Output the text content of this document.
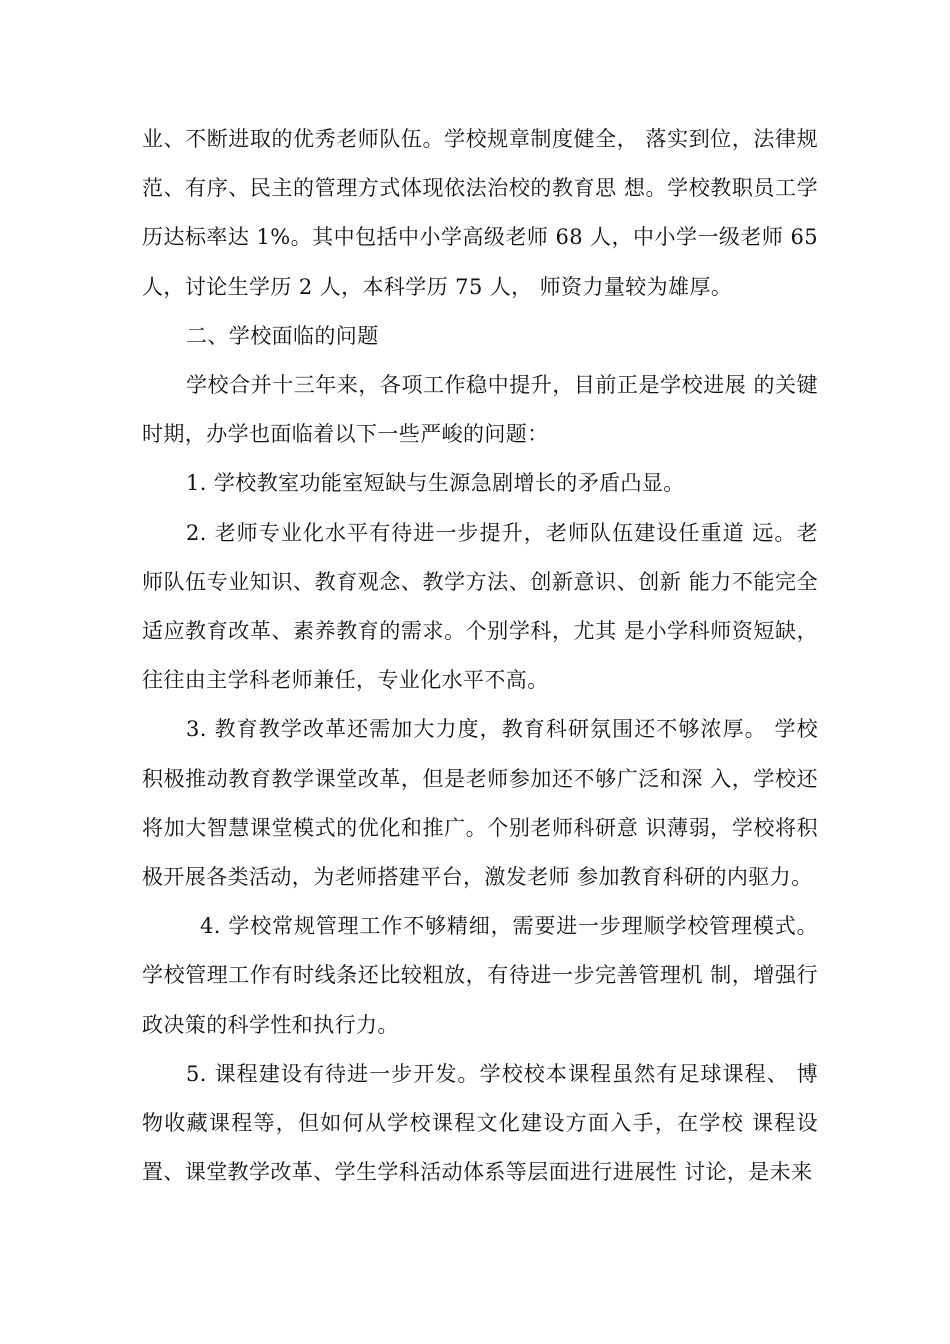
业、不断进取的优秀老师队伍。学校规章制度健全， 落实到位，法律规范、有序、民主的管理方式体现依法治校的教育思 想。学校教职员工学历达标率达 1%。其中包括中小学高级老师 68 人，中小学一级老师 65 人，讨论生学历 2 人，本科学历 75 人， 师资力量较为雄厚。

二、学校面临的问题

学校合并十三年来，各项工作稳中提升，目前正是学校进展 的关键时期，办学也面临着以下一些严峻的问题：

1. 学校教室功能室短缺与生源急剧增长的矛盾凸显。

2. 老师专业化水平有待进一步提升，老师队伍建设任重道 远。老师队伍专业知识、教育观念、教学方法、创新意识、创新 能力不能完全适应教育改革、素养教育的需求。个别学科，尤其 是小学科师资短缺，往往由主学科老师兼任，专业化水平不高。

3. 教育教学改革还需加大力度，教育科研氛围还不够浓厚。 学校积极推动教育教学课堂改革，但是老师参加还不够广泛和深 入，学校还将加大智慧课堂模式的优化和推广。个别老师科研意 识薄弱，学校将积极开展各类活动，为老师搭建平台，激发老师 参加教育科研的内驱力。

4. 学校常规管理工作不够精细，需要进一步理顺学校管理模式。学校管理工作有时线条还比较粗放，有待进一步完善管理机 制，增强行政决策的科学性和执行力。

5. 课程建设有待进一步开发。学校校本课程虽然有足球课程、 博物收藏课程等，但如何从学校课程文化建设方面入手，在学校 课程设置、课堂教学改革、学生学科活动体系等层面进行进展性 讨论，是未来
